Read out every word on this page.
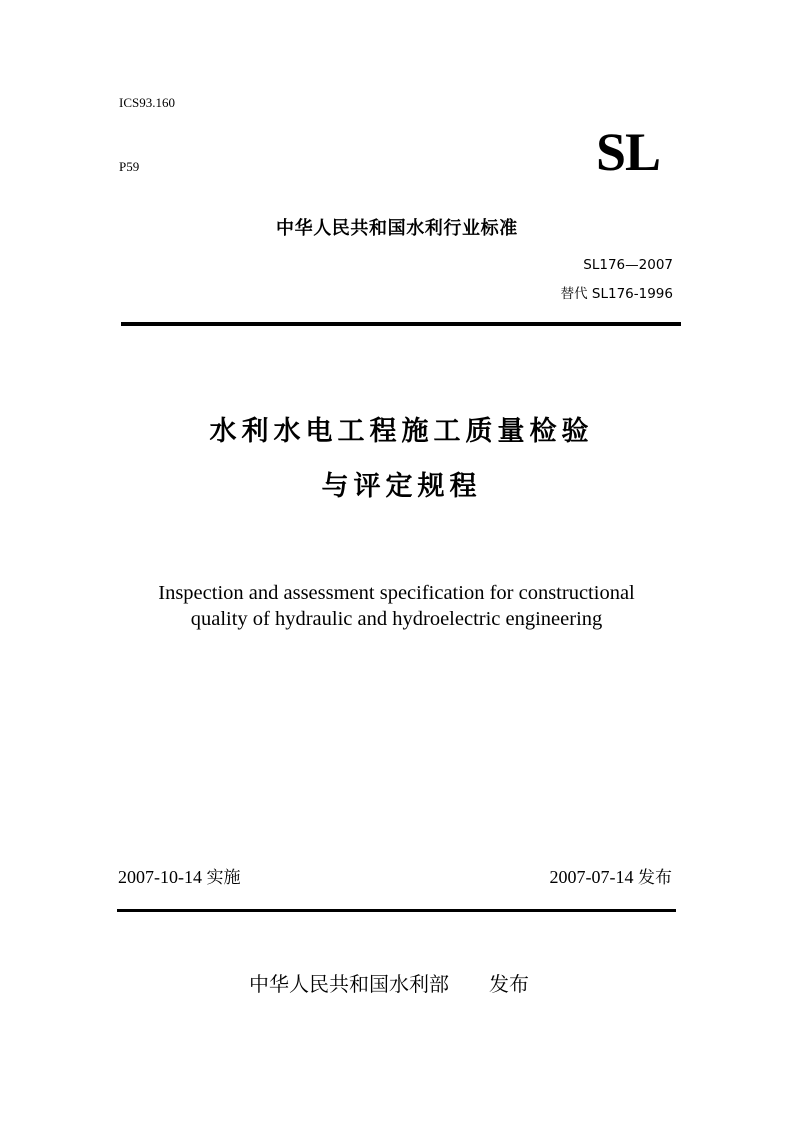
ICS93.160
P59	SL
中华人民共和国水利行业标准
SL176—2007
替代 SL176-1996
水利水电工程施工质量检验
与评定规程
Inspection and assessment specification for constructional
quality of hydraulic and hydroelectric engineering
2007-10-14 实施	2007-07-14 发布
中华人民共和国水利部 发布
